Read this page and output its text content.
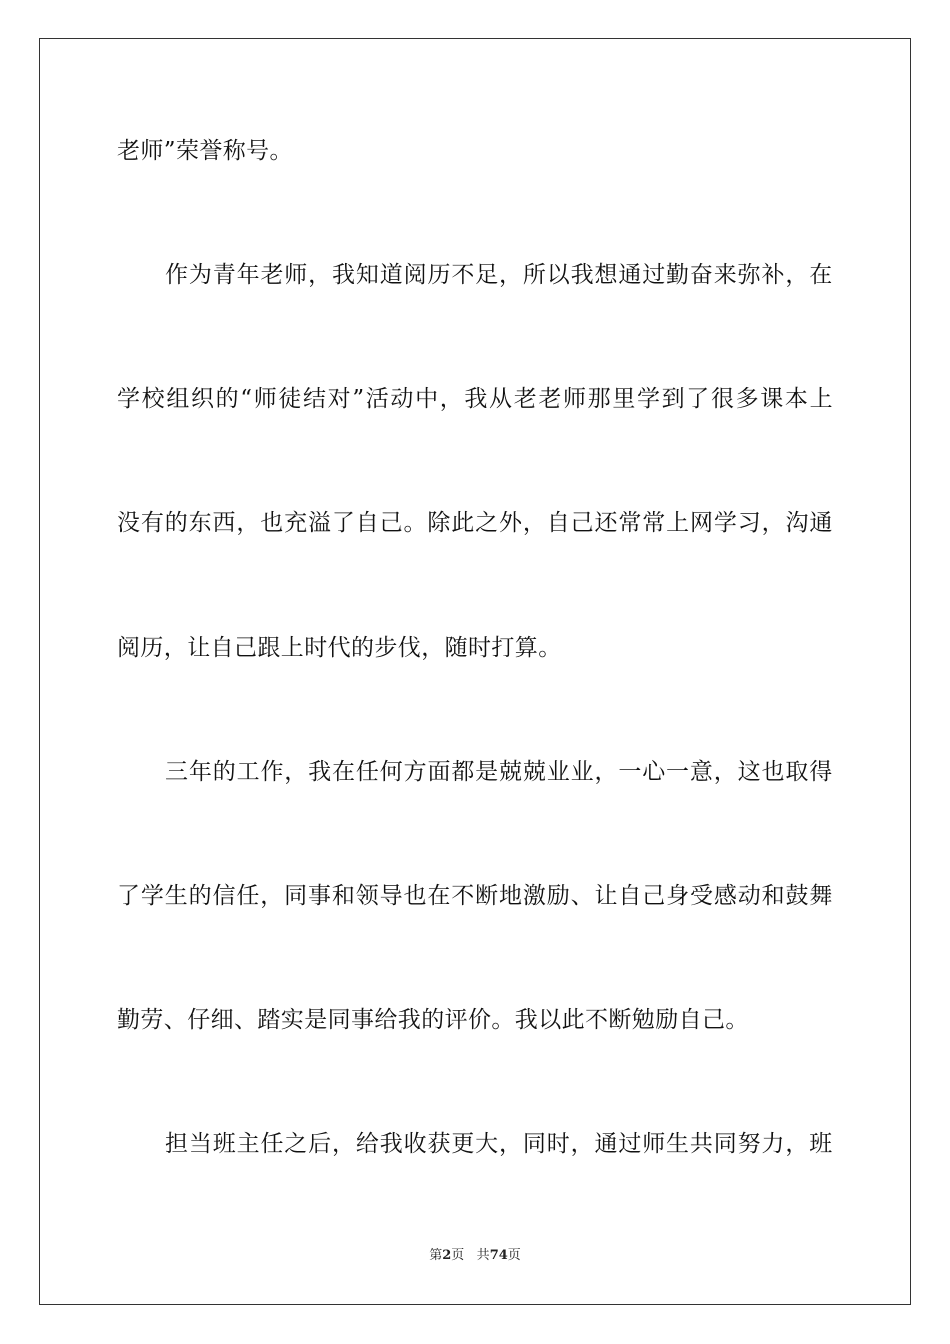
老师”荣誉称号。
作 为 青 年 老 师 ， 我 知 道 阅 历 不 足 ， 所 以 我 想 通 过 勤 奋 来 弥 补 ， 在
学 校 组 织 的 “ 师 徒 结 对 ” 活 动 中 ， 我 从 老 老 师 那 里 学 到 了 很 多 课 本 上
没 有 的 东 西 ， 也 充 溢 了 自 己 。 除 此 之 外 ， 自 己 还 常 常 上 网 学 习 ， 沟 通
阅历，让自己跟上时代的步伐，随时打算。
三 年 的 工 作 ， 我 在 任 何 方 面 都 是 兢 兢 业 业 ， 一 心 一 意 ， 这 也 取 得
了 学 生 的 信 任 ， 同 事 和 领 导 也 在 不 断 地 激 励 、 让 自 己 身 受 感 动 和 鼓 舞
勤劳、仔细、踏实是同事给我的评价。我以此不断勉励自己。
担 当 班 主 任 之 后 ， 给 我 收 获 更 大 ， 同 时 ， 通 过 师 生 共 同 努 力 ， 班
第2页 共74页
